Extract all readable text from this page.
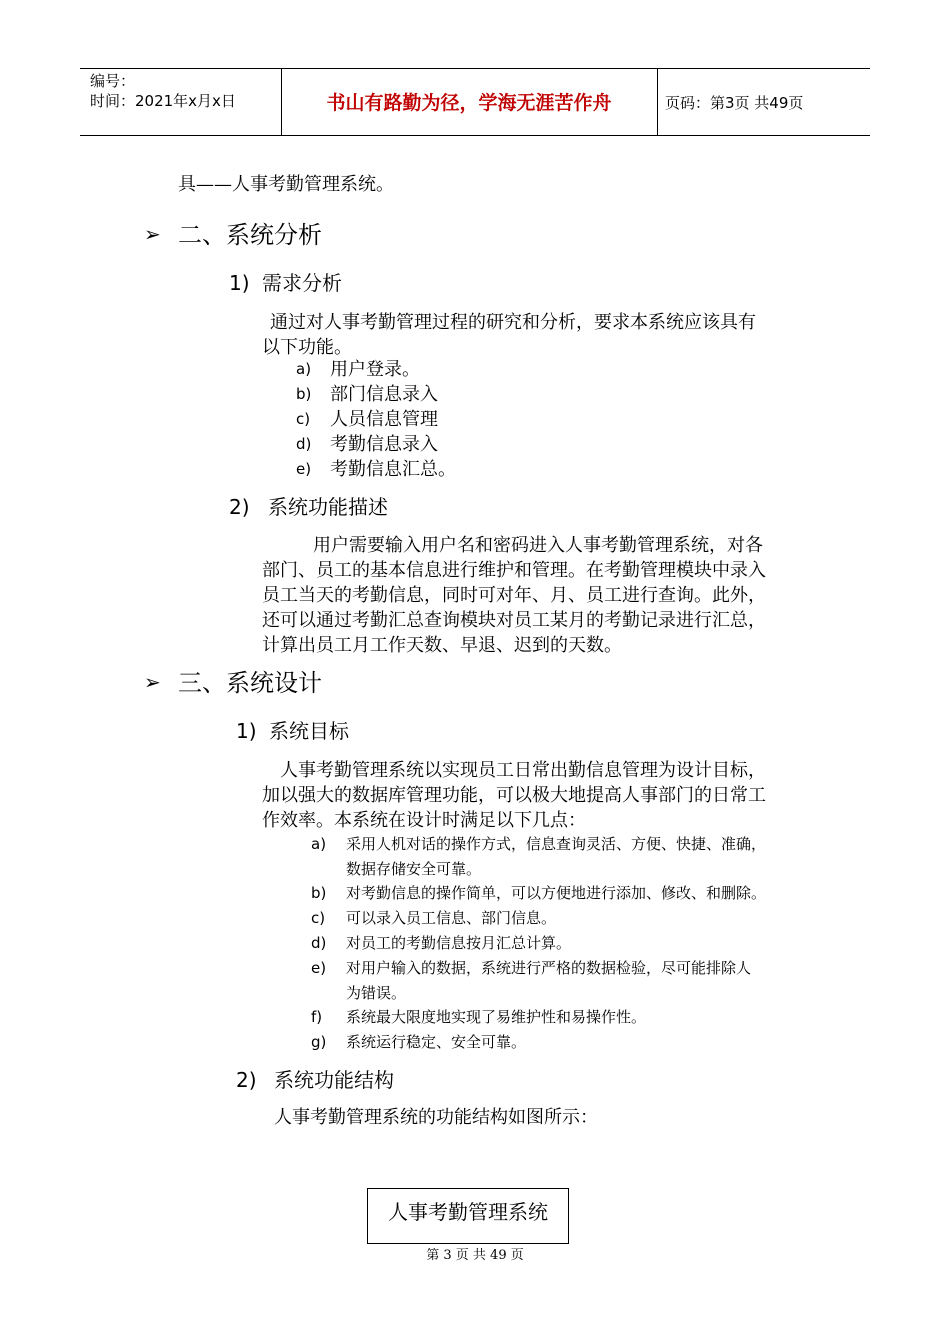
编号：
时间：2021年x月x日	书山有路勤为径，学海无涯苦作舟	页码：第3页 共49页
具——人事考勤管理系统。
➢ 二、系统分析
1) 需求分析
通过对人事考勤管理过程的研究和分析，要求本系统应该具有
以下功能。
a) 用户登录。
b) 部门信息录入
c) 人员信息管理
d) 考勤信息录入
e) 考勤信息汇总。
2) 系统功能描述
用户需要输入用户名和密码进入人事考勤管理系统，对各
部门、员工的基本信息进行维护和管理。在考勤管理模块中录入
员工当天的考勤信息，同时可对年、月、员工进行查询。此外，
还可以通过考勤汇总查询模块对员工某月的考勤记录进行汇总，
计算出员工月工作天数、早退、迟到的天数。
➢ 三、系统设计
1) 系统目标
人事考勤管理系统以实现员工日常出勤信息管理为设计目标，
加以强大的数据库管理功能，可以极大地提高人事部门的日常工
作效率。本系统在设计时满足以下几点：
a) 采用人机对话的操作方式，信息查询灵活、方便、快捷、准确，
数据存储安全可靠。
b) 对考勤信息的操作简单，可以方便地进行添加、修改、和删除。
c) 可以录入员工信息、部门信息。
d) 对员工的考勤信息按月汇总计算。
e) 对用户输入的数据，系统进行严格的数据检验，尽可能排除人
为错误。
f) 系统最大限度地实现了易维护性和易操作性。
g) 系统运行稳定、安全可靠。
2) 系统功能结构
人事考勤管理系统的功能结构如图所示：
人事考勤管理系统
第 3 页 共 49 页
